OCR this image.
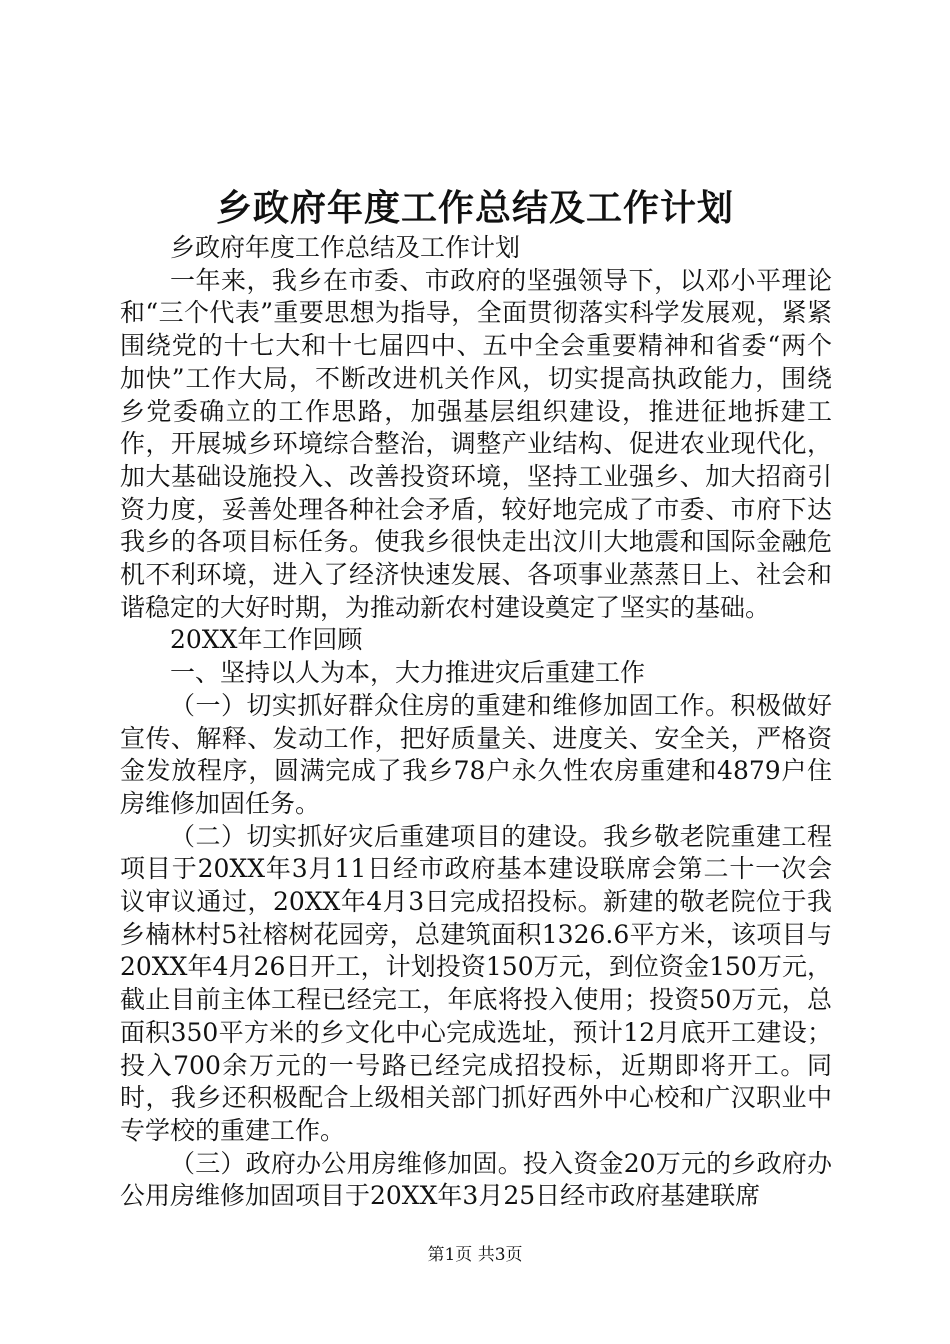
乡政府年度工作总结及工作计划

乡政府年度工作总结及工作计划

一年来，我乡在市委、市政府的坚强领导下，以邓小平理论和“三个代表”重要思想为指导，全面贯彻落实科学发展观，紧紧围绕党的十七大和十七届四中、五中全会重要精神和省委“两个加快”工作大局，不断改进机关作风，切实提高执政能力，围绕乡党委确立的工作思路，加强基层组织建设，推进征地拆建工作，开展城乡环境综合整治，调整产业结构、促进农业现代化，加大基础设施投入、改善投资环境，坚持工业强乡、加大招商引资力度，妥善处理各种社会矛盾，较好地完成了市委、市府下达我乡的各项目标任务。使我乡很快走出汶川大地震和国际金融危机不利环境，进入了经济快速发展、各项事业蒸蒸日上、社会和谐稳定的大好时期，为推动新农村建设奠定了坚实的基础。

20XX年工作回顾

一、坚持以人为本，大力推进灾后重建工作

（一）切实抓好群众住房的重建和维修加固工作。积极做好宣传、解释、发动工作，把好质量关、进度关、安全关，严格资金发放程序，圆满完成了我乡78户永久性农房重建和4879户住房维修加固任务。

（二）切实抓好灾后重建项目的建设。我乡敬老院重建工程项目于20XX年3月11日经市政府基本建设联席会第二十一次会议审议通过，20XX年4月3日完成招投标。新建的敬老院位于我乡楠林村5社榕树花园旁，总建筑面积1326.6平方米，该项目与20XX年4月26日开工，计划投资150万元，到位资金150万元，截止目前主体工程已经完工，年底将投入使用；投资50万元，总面积350平方米的乡文化中心完成选址，预计12月底开工建设；投入700余万元的一号路已经完成招投标，近期即将开工。同时，我乡还积极配合上级相关部门抓好西外中心校和广汉职业中专学校的重建工作。

（三）政府办公用房维修加固。投入资金20万元的乡政府办公用房维修加固项目于20XX年3月25日经市政府基建联席

第1页 共3页
